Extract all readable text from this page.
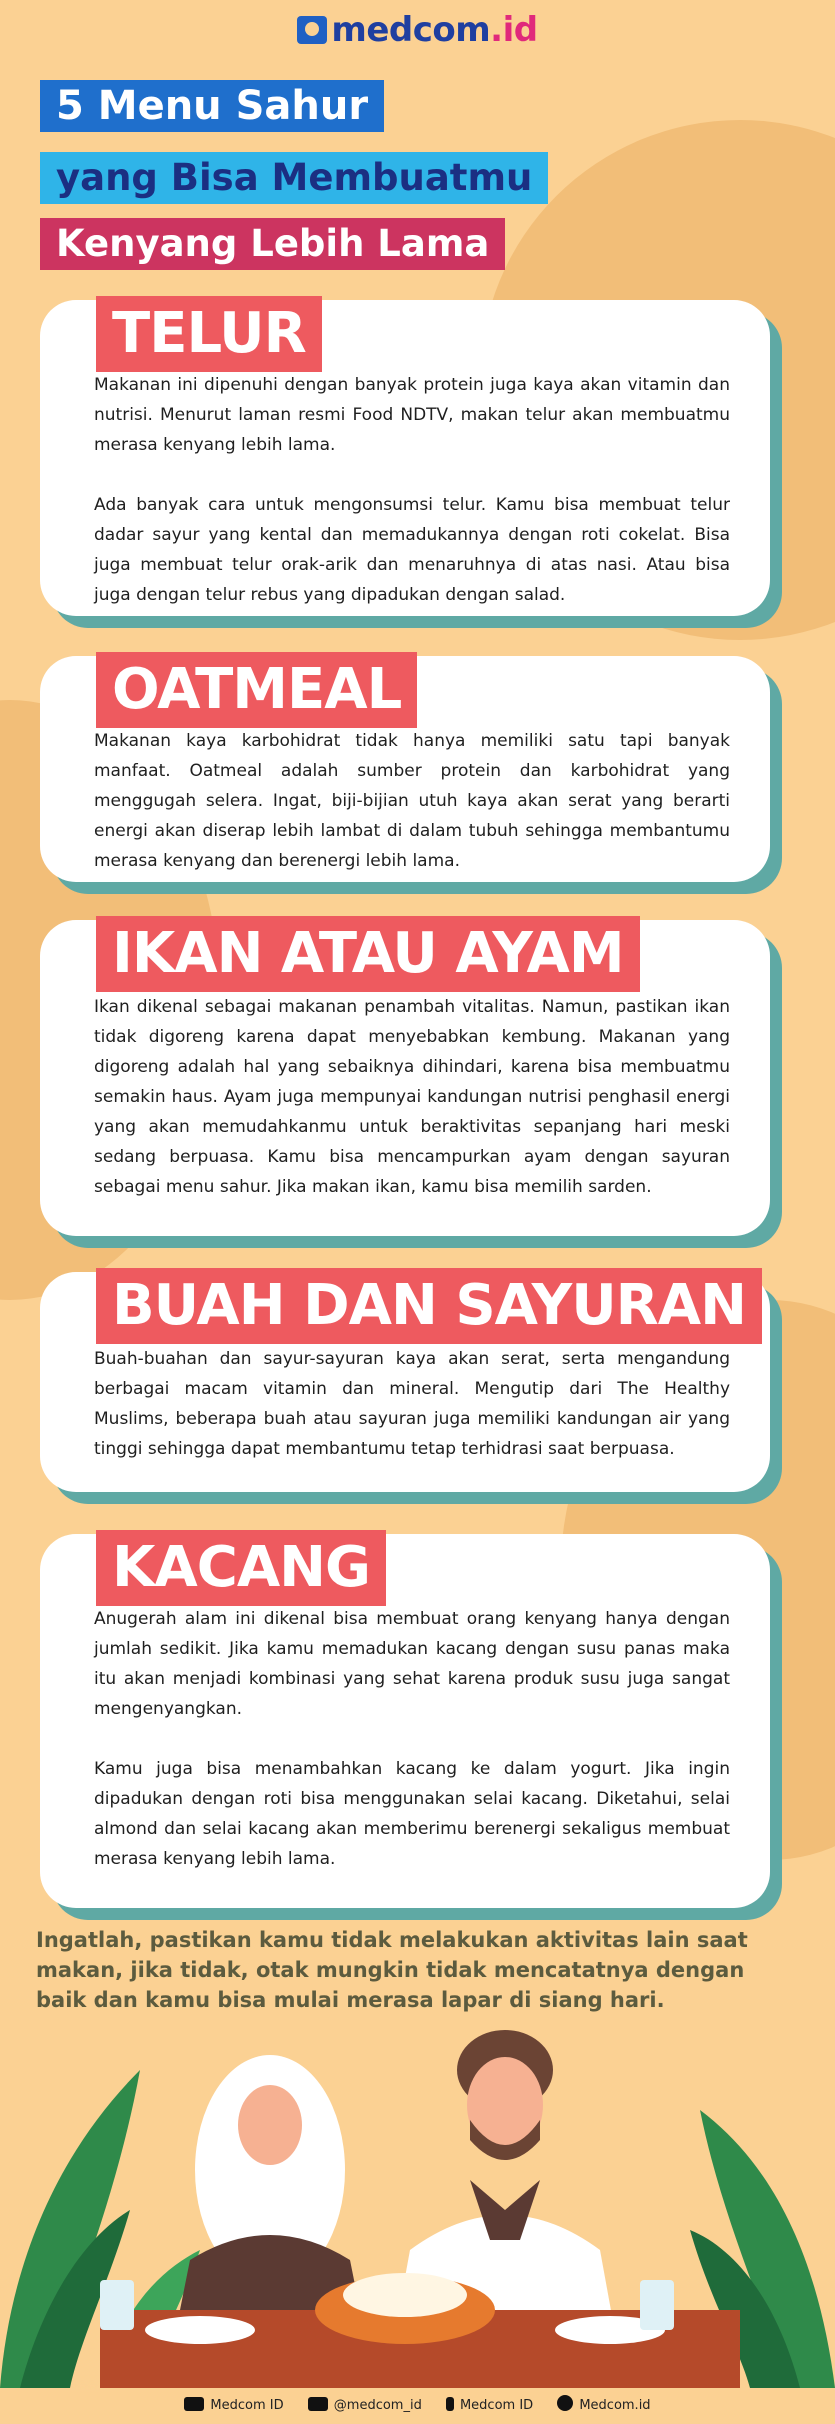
medcom.id
5 Menu Sahur
yang Bisa Membuatmu
Kenyang Lebih Lama
TELUR

Makanan ini dipenuhi dengan banyak protein juga kaya akan vitamin dan nutrisi. Menurut laman resmi Food NDTV, makan telur akan membuatmu merasa kenyang lebih lama.

Ada banyak cara untuk mengonsumsi telur. Kamu bisa membuat telur dadar sayur yang kental dan memadukannya dengan roti cokelat. Bisa juga membuat telur orak-arik dan menaruhnya di atas nasi. Atau bisa juga dengan telur rebus yang dipadukan dengan salad.

OATMEAL

Makanan kaya karbohidrat tidak hanya memiliki satu tapi banyak manfaat. Oatmeal adalah sumber protein dan karbohidrat yang menggugah selera. Ingat, biji-bijian utuh kaya akan serat yang berarti energi akan diserap lebih lambat di dalam tubuh sehingga membantumu merasa kenyang dan berenergi lebih lama.

IKAN ATAU AYAM

Ikan dikenal sebagai makanan penambah vitalitas. Namun, pastikan ikan tidak digoreng karena dapat menyebabkan kembung. Makanan yang digoreng adalah hal yang sebaiknya dihindari, karena bisa membuatmu semakin haus. Ayam juga mempunyai kandungan nutrisi penghasil energi yang akan memudahkanmu untuk beraktivitas sepanjang hari meski sedang berpuasa. Kamu bisa mencampurkan ayam dengan sayuran sebagai menu sahur. Jika makan ikan, kamu bisa memilih sarden.

BUAH DAN SAYURAN

Buah-buahan dan sayur-sayuran kaya akan serat, serta mengandung berbagai macam vitamin dan mineral. Mengutip dari The Healthy Muslims, beberapa buah atau sayuran juga memiliki kandungan air yang tinggi sehingga dapat membantumu tetap terhidrasi saat berpuasa.

KACANG

Anugerah alam ini dikenal bisa membuat orang kenyang hanya dengan jumlah sedikit. Jika kamu memadukan kacang dengan susu panas maka itu akan menjadi kombinasi yang sehat karena produk susu juga sangat mengenyangkan.

Kamu juga bisa menambahkan kacang ke dalam yogurt. Jika ingin dipadukan dengan roti bisa menggunakan selai kacang. Diketahui, selai almond dan selai kacang akan memberimu berenergi sekaligus membuat merasa kenyang lebih lama.

Ingatlah, pastikan kamu tidak melakukan aktivitas lain saat makan, jika tidak, otak mungkin tidak mencatatnya dengan baik dan kamu bisa mulai merasa lapar di siang hari.
Medcom ID	@medcom_id	Medcom ID	Medcom.id
